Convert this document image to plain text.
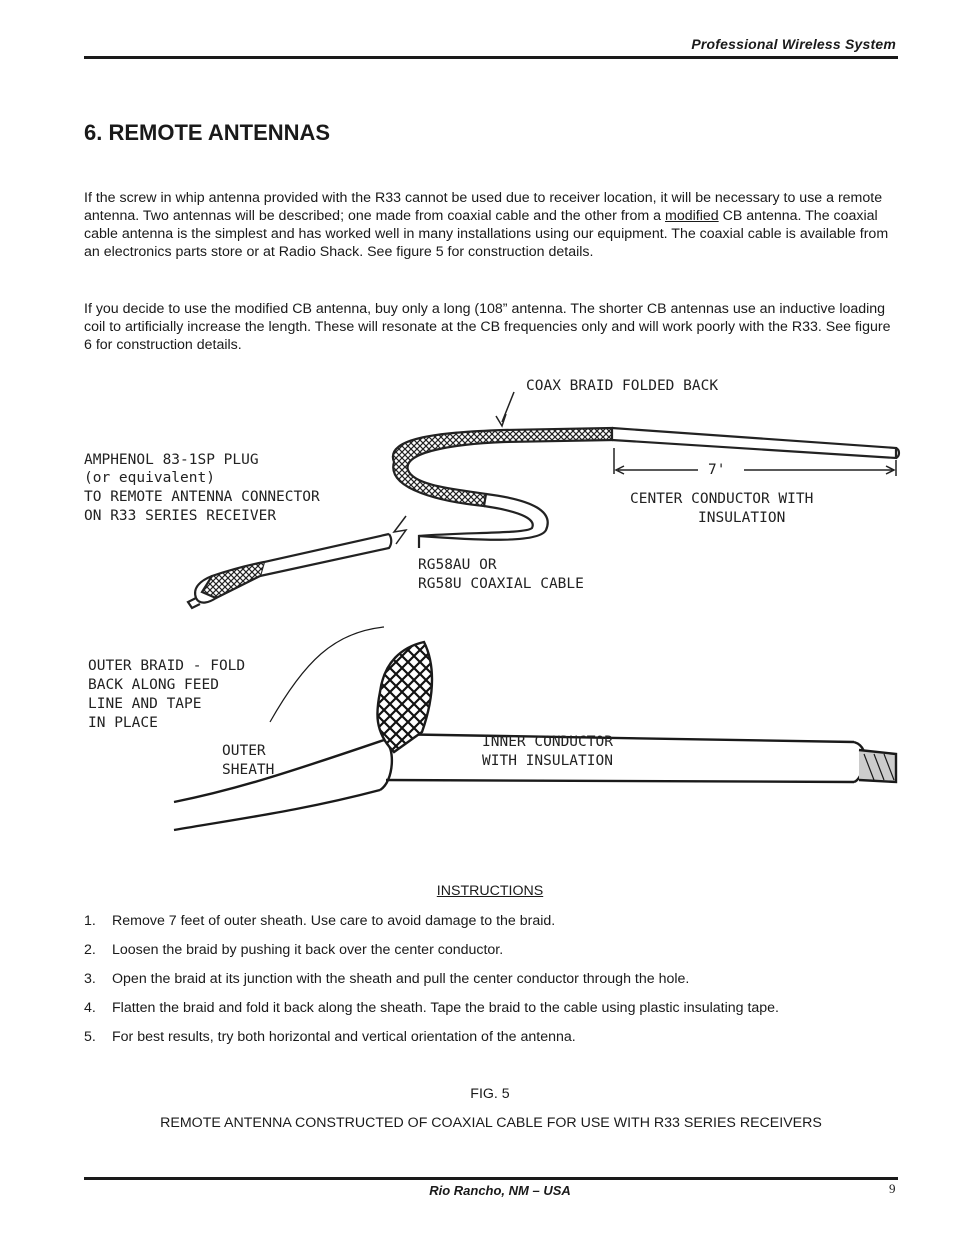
Professional Wireless System
6. REMOTE ANTENNAS

If the screw in whip antenna provided with the R33 cannot be used due to receiver location, it will be necessary to use a remote antenna. Two antennas will be described; one made from coaxial cable and the other from a modified CB antenna. The coaxial cable antenna is the simplest and has worked well in many installations using our equipment. The coaxial cable is available from an electronics parts store or at Radio Shack. See figure 5 for construction details.

If you decide to use the modified CB antenna, buy only a long (108” antenna. The shorter CB antennas use an inductive loading coil to artificially increase the length. These will resonate at the CB frequencies only and will work poorly with the R33. See figure 6 for construction details.

COAX BRAID FOLDED BACK
AMPHENOL 83-1SP PLUG
(or equivalent)
TO REMOTE ANTENNA CONNECTOR
ON R33 SERIES RECEIVER
7'
CENTER CONDUCTOR WITH
INSULATION
RG58AU OR
RG58U COAXIAL CABLE
OUTER BRAID - FOLD
BACK ALONG FEED
LINE AND TAPE
IN PLACE
OUTER
SHEATH
INNER CONDUCTOR
WITH INSULATION
INSTRUCTIONS
1. Remove 7 feet of outer sheath. Use care to avoid damage to the braid.
2. Loosen the braid by pushing it back over the center conductor.
3. Open the braid at its junction with the sheath and pull the center conductor through the hole.
4. Flatten the braid and fold it back along the sheath. Tape the braid to the cable using plastic insulating tape.
5. For best results, try both horizontal and vertical orientation of the antenna.
FIG. 5
REMOTE ANTENNA CONSTRUCTED OF COAXIAL CABLE FOR USE WITH R33 SERIES RECEIVERS
Rio Rancho, NM – USA	9
